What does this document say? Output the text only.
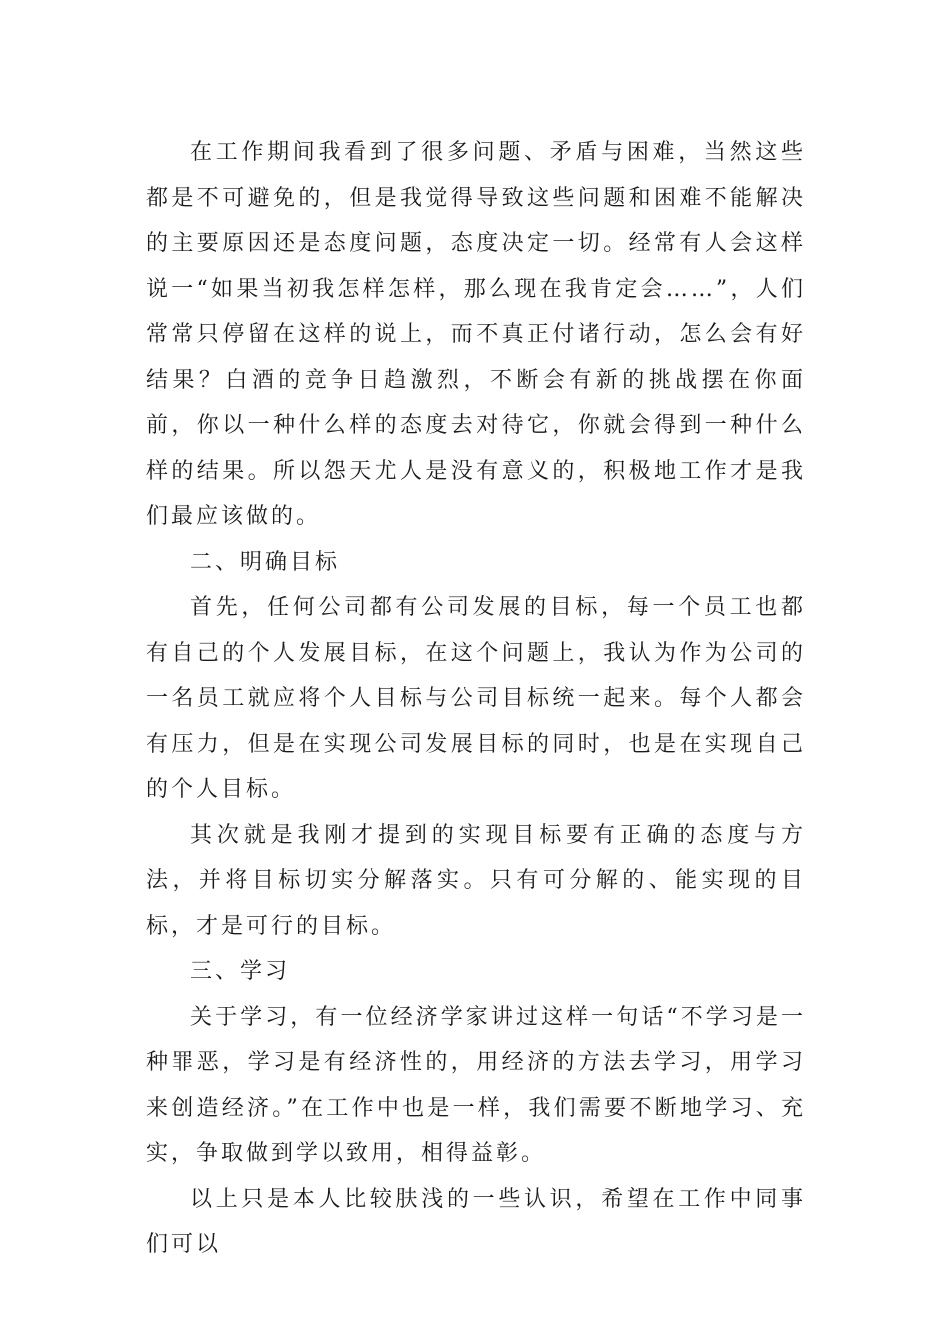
在工作期间我看到了很多问题、矛盾与困难，当然这些都是不可避免的，但是我觉得导致这些问题和困难不能解决的主要原因还是态度问题，态度决定一切。经常有人会这样说一“如果当初我怎样怎样，那么现在我肯定会……”，人们常常只停留在这样的说上，而不真正付诸行动，怎么会有好结果？白酒的竞争日趋激烈，不断会有新的挑战摆在你面前，你以一种什么样的态度去对待它，你就会得到一种什么样的结果。所以怨天尤人是没有意义的，积极地工作才是我们最应该做的。

二、明确目标

首先，任何公司都有公司发展的目标，每一个员工也都有自己的个人发展目标，在这个问题上，我认为作为公司的一名员工就应将个人目标与公司目标统一起来。每个人都会有压力，但是在实现公司发展目标的同时，也是在实现自己的个人目标。

其次就是我刚才提到的实现目标要有正确的态度与方法，并将目标切实分解落实。只有可分解的、能实现的目标，才是可行的目标。

三、学习

关于学习，有一位经济学家讲过这样一句话“不学习是一种罪恶，学习是有经济性的，用经济的方法去学习，用学习来创造经济。”在工作中也是一样，我们需要不断地学习、充实，争取做到学以致用，相得益彰。

以上只是本人比较肤浅的一些认识，希望在工作中同事们可以
